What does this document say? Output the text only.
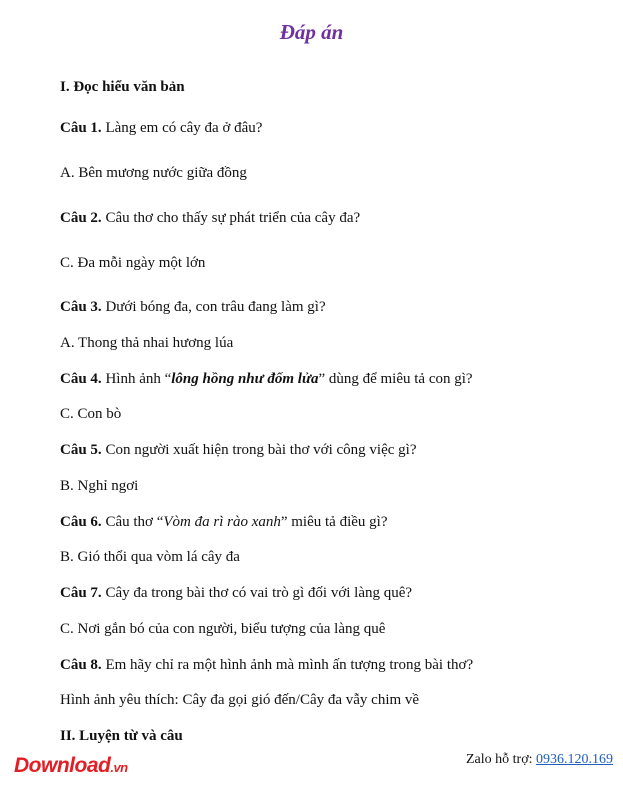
Đáp án
I. Đọc hiểu văn bản
Câu 1. Làng em có cây đa ở đâu?
A. Bên mương nước giữa đồng
Câu 2. Câu thơ cho thấy sự phát triển của cây đa?
C. Đa mỗi ngày một lớn
Câu 3. Dưới bóng đa, con trâu đang làm gì?
A. Thong thả nhai hương lúa
Câu 4. Hình ảnh “lông hồng như đốm lửa” dùng để miêu tả con gì?
C. Con bò
Câu 5. Con người xuất hiện trong bài thơ với công việc gì?
B. Nghỉ ngơi
Câu 6. Câu thơ “Vòm đa rì rào xanh” miêu tả điều gì?
B. Gió thổi qua vòm lá cây đa
Câu 7. Cây đa trong bài thơ có vai trò gì đối với làng quê?
C. Nơi gắn bó của con người, biểu tượng của làng quê
Câu 8. Em hãy chỉ ra một hình ảnh mà mình ấn tượng trong bài thơ?
Hình ảnh yêu thích: Cây đa gọi gió đến/Cây đa vẫy chim về
II. Luyện từ và câu
Download.vn
Zalo hỗ trợ: 0936.120.169
